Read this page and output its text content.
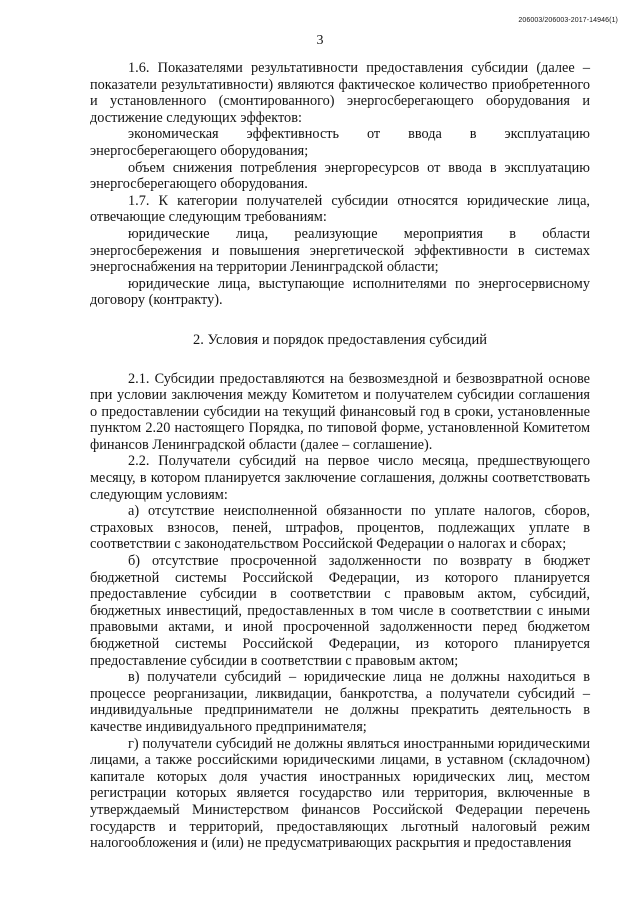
206003/206003-2017-14946(1)
3

1.6. Показателями результативности предоставления субсидии (далее – показатели результативности) являются фактическое количество приобретенного и установленного (смонтированного) энергосберегающего оборудования и достижение следующих эффектов:

экономическая эффективность от ввода в эксплуатацию энергосберегающего оборудования;

объем снижения потребления энергоресурсов от ввода в эксплуатацию энергосберегающего оборудования.

1.7. К категории получателей субсидии относятся юридические лица, отвечающие следующим требованиям:

юридические лица, реализующие мероприятия в области энергосбережения и повышения энергетической эффективности в системах энергоснабжения на территории Ленинградской области;

юридические лица, выступающие исполнителями по энергосервисному договору (контракту).

2. Условия и порядок предоставления субсидий

2.1. Субсидии предоставляются на безвозмездной и безвозвратной основе при условии заключения между Комитетом и получателем субсидии соглашения о предоставлении субсидии на текущий финансовый год в сроки, установленные пунктом 2.20 настоящего Порядка, по типовой форме, установленной Комитетом финансов Ленинградской области (далее – соглашение).

2.2. Получатели субсидий на первое число месяца, предшествующего месяцу, в котором планируется заключение соглашения, должны соответствовать следующим условиям:

а) отсутствие неисполненной обязанности по уплате налогов, сборов, страховых взносов, пеней, штрафов, процентов, подлежащих уплате в соответствии с законодательством Российской Федерации о налогах и сборах;

б) отсутствие просроченной задолженности по возврату в бюджет бюджетной системы Российской Федерации, из которого планируется предоставление субсидии в соответствии с правовым актом, субсидий, бюджетных инвестиций, предоставленных в том числе в соответствии с иными правовыми актами, и иной просроченной задолженности перед бюджетом бюджетной системы Российской Федерации, из которого планируется предоставление субсидии в соответствии с правовым актом;

в) получатели субсидий – юридические лица не должны находиться в процессе реорганизации, ликвидации, банкротства, а получатели субсидий – индивидуальные предприниматели не должны прекратить деятельность в качестве индивидуального предпринимателя;

г) получатели субсидий не должны являться иностранными юридическими лицами, а также российскими юридическими лицами, в уставном (складочном) капитале которых доля участия иностранных юридических лиц, местом регистрации которых является государство или территория, включенные в утверждаемый Министерством финансов Российской Федерации перечень государств и территорий, предоставляющих льготный налоговый режим налогообложения и (или) не предусматривающих раскрытия и предоставления
